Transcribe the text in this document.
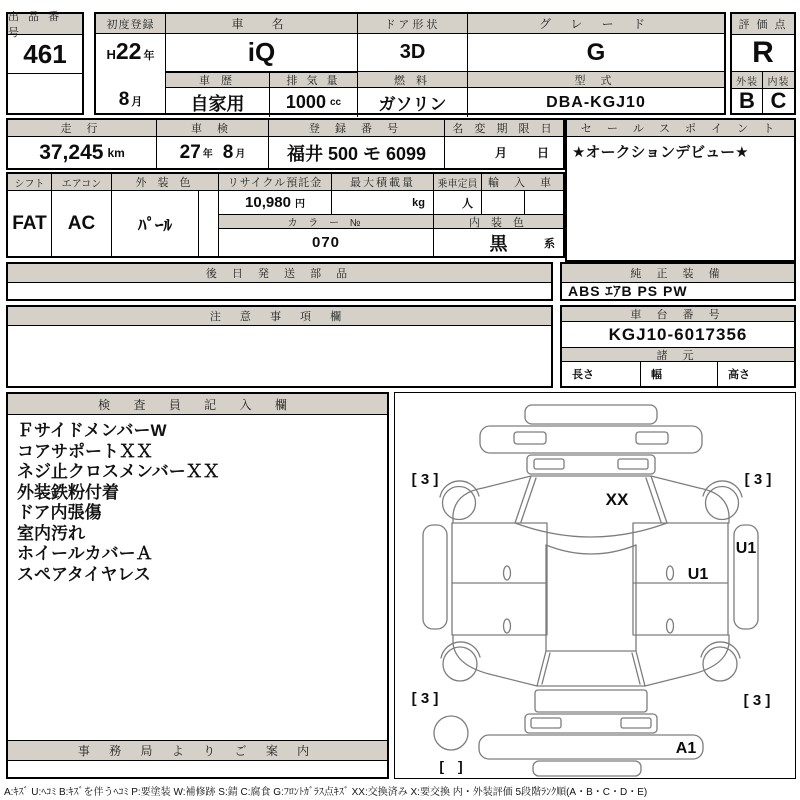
出 品 番 号
461
初度登録
H22 年
8 月
車　名
iQ
車 歴
自家用
排 気 量
1000 cc
ドア形状
3D
燃 料
ガソリン
グ レ ー ド
G
型 式
DBA-KGJ10
評 価 点
R
外装 内装
B C
走 行
37,245 km
車 検
27 年 8 月
登 録 番 号
福井 500 モ 6099
名 変 期 限 日
月 日
セ ー ル ス ポ イ ン ト
★オークションデビュー★
シフト
FAT
エアコン
AC
外 装 色
ﾊﾟｰﾙ
リサイクル預託金
10,980 円
最大積載量
kg
乗車定員
人
輸 入 車
カ ラ ー №
070
内 装 色
黒	系
後 日 発 送 部 品	純 正 装 備
ABS ｴｱB PS PW
注 意 事 項 欄	車 台 番 号
KGJ10-6017356
諸 元
長さ	幅	高さ
検 査 員 記 入 欄
ＦサイドメンバーW
コアサポートＸＸ
ネジ止クロスメンバーＸＸ
外装鉄粉付着
ドア内張傷
室内汚れ
ホイールカバーＡ
スペアタイヤレス
事 務 局 よ り ご 案 内
XX
[ 3 ]	[ 3 ]
[ 3 ]	[ 3 ]
U1
U1
A1
[　]
A:ｷｽﾞ U:ﾍｺﾐ B:ｷｽﾞを伴うﾍｺﾐ P:要塗装 W:補修跡 S:錆 C:腐食 G:ﾌﾛﾝﾄｶﾞﾗｽ点ｷｽﾞ XX:交換済み X:要交換 内・外装評価 5段階ﾗﾝｸ順(A・B・C・D・E)
